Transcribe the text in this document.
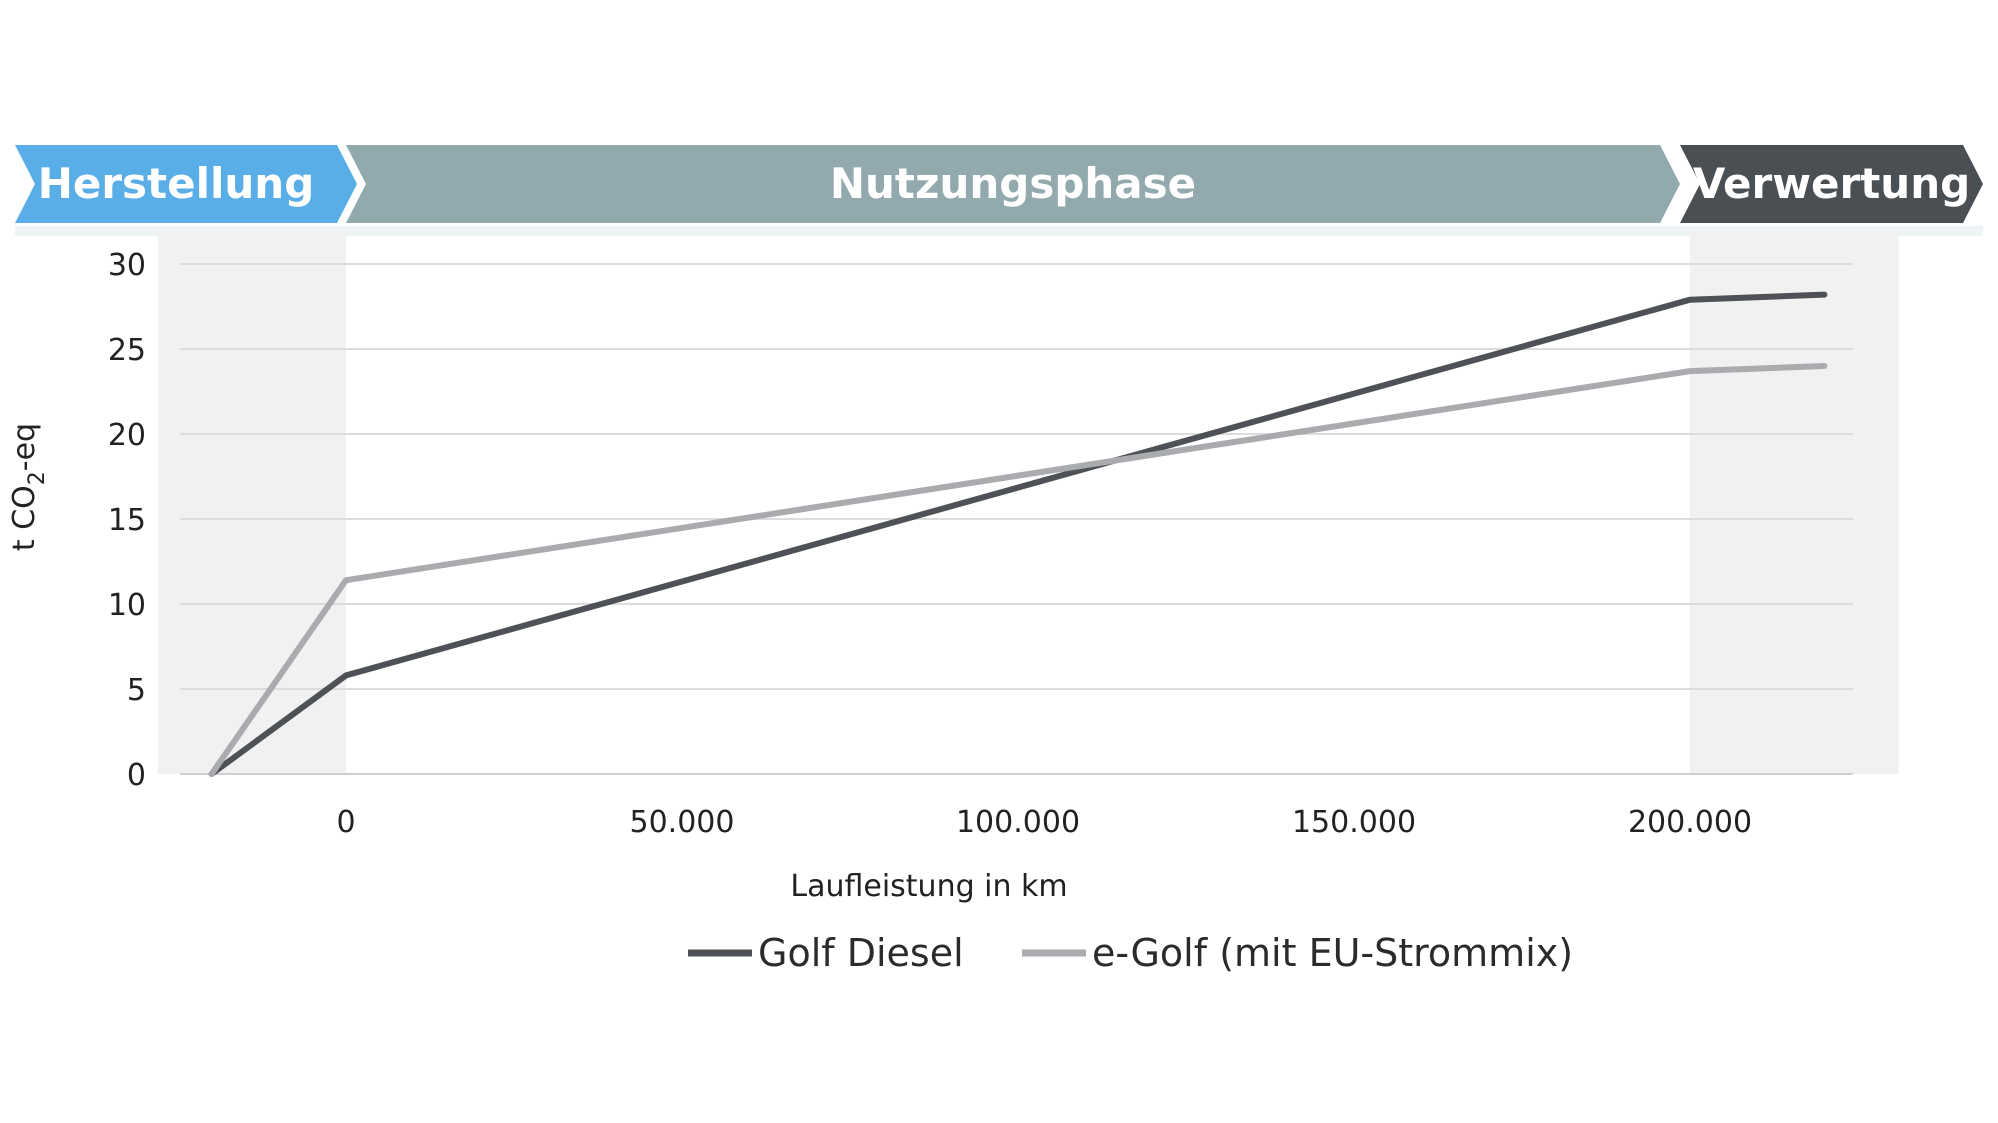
Herstellung	Nutzungsphase	Verwertung
0
5
10
15
20
25
30
0	50.000	100.000	150.000	200.000
t $CO_2-eq$
Laufleistung in km
Golf Diesel	e-Golf (mit EU-Strommix)
